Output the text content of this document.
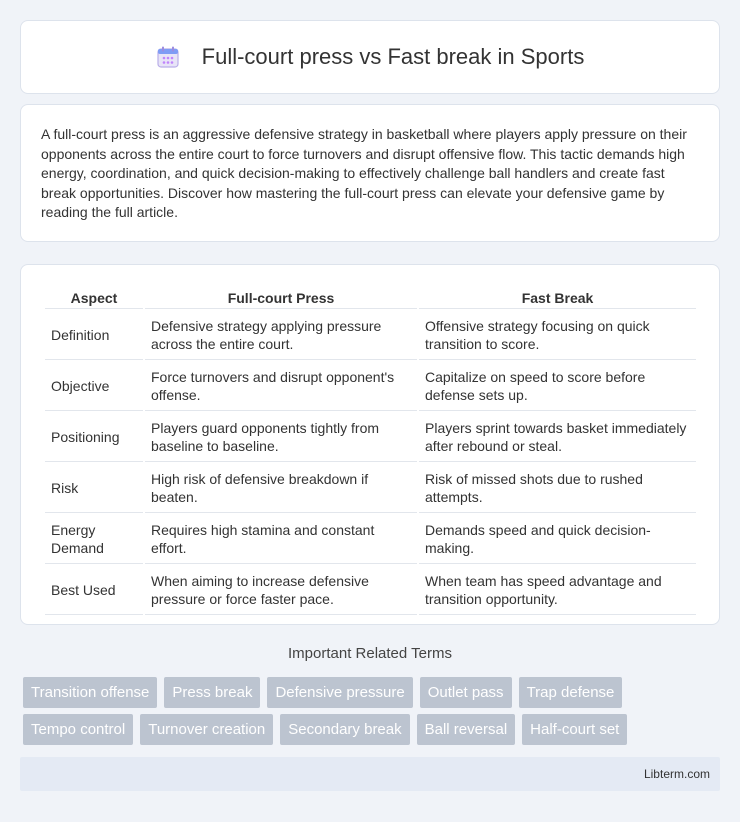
Full-court press vs Fast break in Sports

A full-court press is an aggressive defensive strategy in basketball where players apply pressure on their opponents across the entire court to force turnovers and disrupt offensive flow. This tactic demands high energy, coordination, and quick decision-making to effectively challenge ball handlers and create fast break opportunities. Discover how mastering the full-court press can elevate your defensive game by reading the full article.

Aspect	Full-court Press	Fast Break
Definition	Defensive strategy applying pressure across the entire court.	Offensive strategy focusing on quick transition to score.
Objective	Force turnovers and disrupt opponent's offense.	Capitalize on speed to score before defense sets up.
Positioning	Players guard opponents tightly from baseline to baseline.	Players sprint towards basket immediately after rebound or steal.
Risk	High risk of defensive breakdown if beaten.	Risk of missed shots due to rushed attempts.
Energy Demand	Requires high stamina and constant effort.	Demands speed and quick decision-making.
Best Used	When aiming to increase defensive pressure or force faster pace.	When team has speed advantage and transition opportunity.
Important Related Terms
Transition offense	Press break	Defensive pressure	Outlet pass	Trap defense
Tempo control	Turnover creation	Secondary break	Ball reversal	Half-court set
Libterm.com
